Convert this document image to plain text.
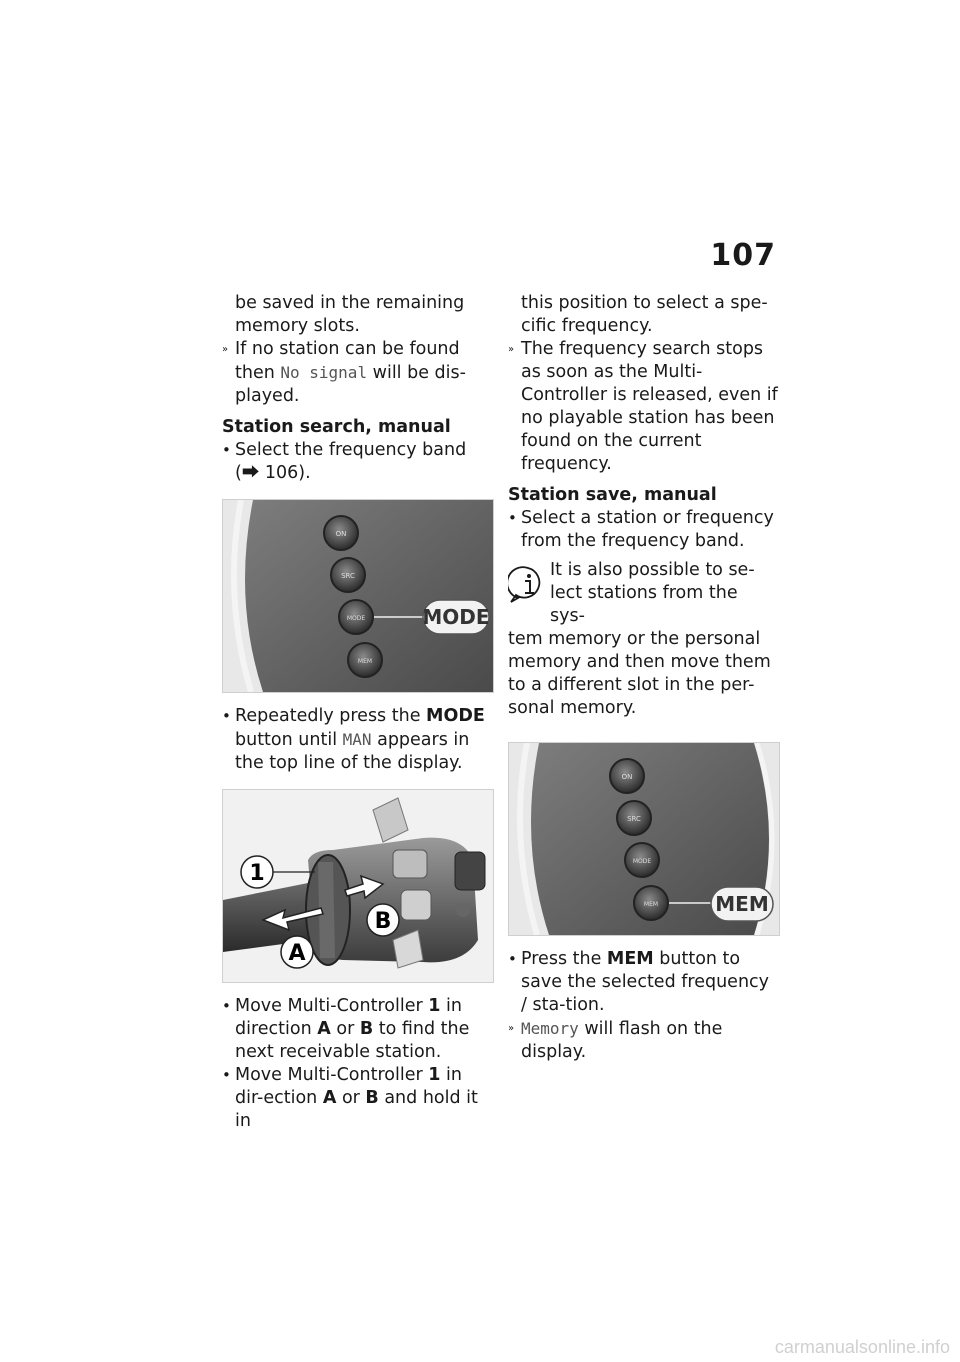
107

be saved in the remaining memory slots.

» If no station can be found then No signal will be dis-played.

Station search, manual

• Select the frequency band
(⮕ 106).
ON
SRC
MODE
MEM
MODE
• Repeatedly press the MODE button until MAN appears in the top line of the display.
1
B
A
• Move Multi-Controller 1 in direction A or B to find the next receivable station.
• Move Multi-Controller 1 in dir-ection A or B and hold it in

this position to select a spe-cific frequency.

» The frequency search stops as soon as the Multi-Controller is released, even if no playable station has been found on the current frequency.

Station save, manual

• Select a station or frequency from the frequency band.
It is also possible to se-
lect stations from the sys-
tem memory or the personal memory and then move them to a different slot in the per-sonal memory.
ON
SRC
MODE
MEM	MEM
• Press the MEM button to save the selected frequency / sta-tion.
» Memory will flash on the display.
carmanualsonline.info
